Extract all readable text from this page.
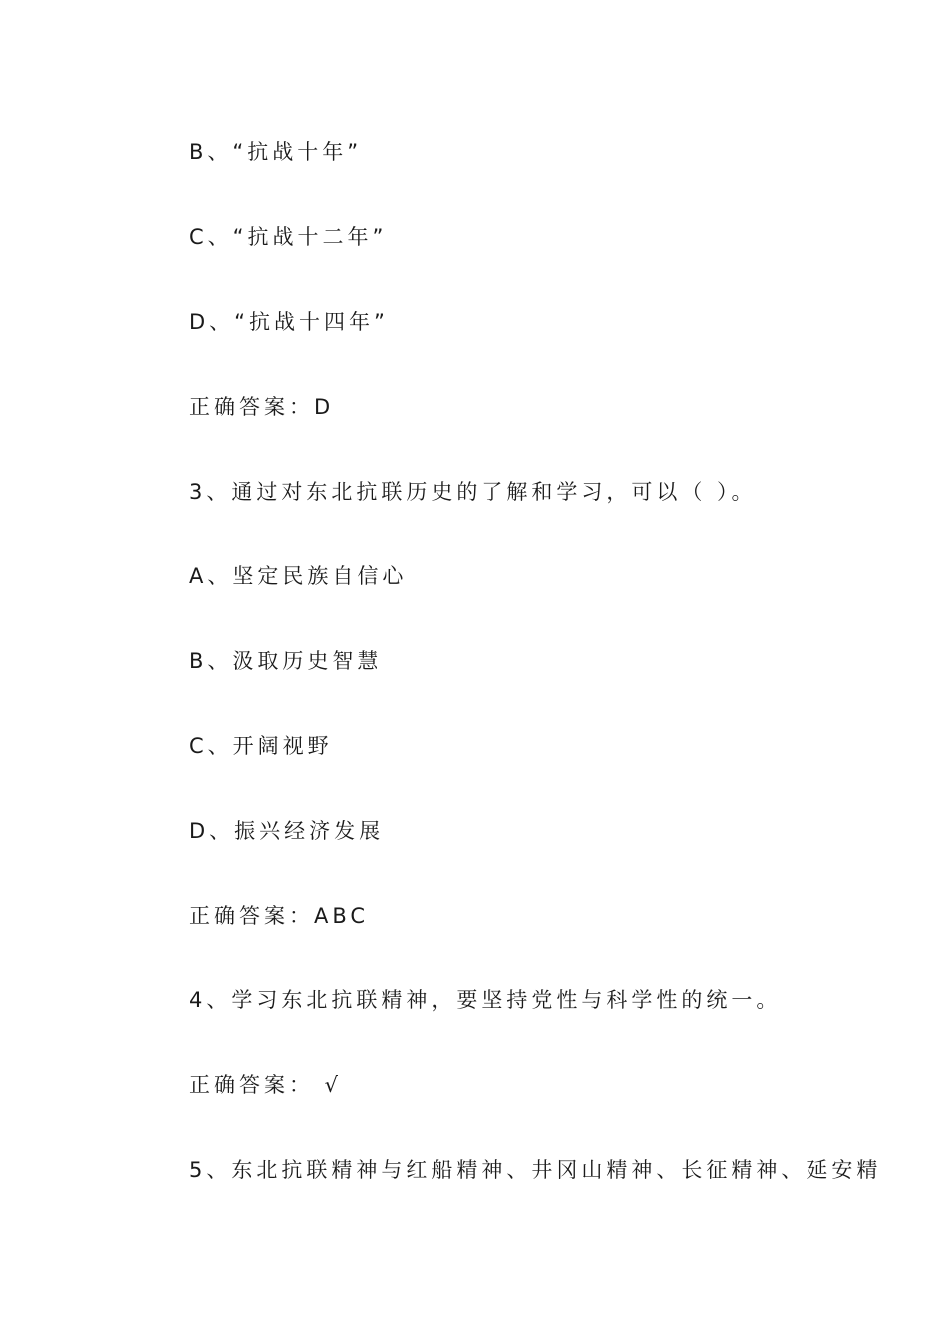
B、“抗战十年”
C、“抗战十二年”
D、“抗战十四年”
正确答案：D
3、通过对东北抗联历史的了解和学习，可以（ ）。
A、坚定民族自信心
B、汲取历史智慧
C、开阔视野
D、振兴经济发展
正确答案：ABC
4、学习东北抗联精神，要坚持党性与科学性的统一。
正确答案： √
5、东北抗联精神与红船精神、井冈山精神、长征精神、延安精
